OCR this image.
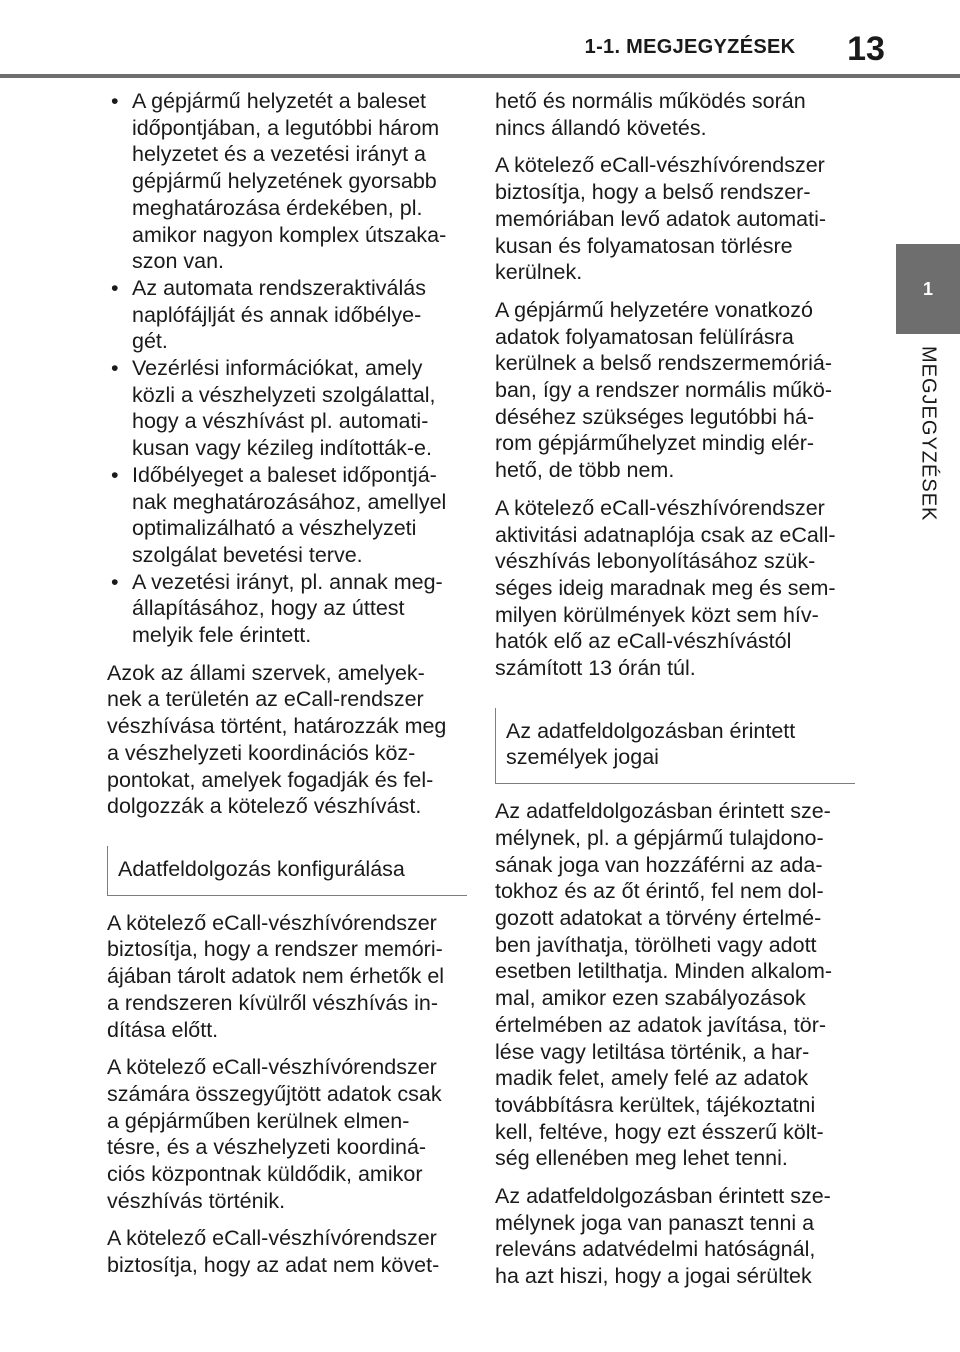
1-1. MEGJEGYZÉSEK	13
1
MEGJEGYZÉSEK
• A gépjármű helyzetét a baleset
időpontjában, a legutóbbi három
helyzetet és a vezetési irányt a
gépjármű helyzetének gyorsabb
meghatározása érdekében, pl.
amikor nagyon komplex útszaka-
szon van.
• Az automata rendszeraktiválás
naplófájlját és annak időbélye-
gét.
• Vezérlési információkat, amely
közli a vészhelyzeti szolgálattal,
hogy a vészhívást pl. automati-
kusan vagy kézileg indították-e.
• Időbélyeget a baleset időpontjá-
nak meghatározásához, amellyel
optimalizálható a vészhelyzeti
szolgálat bevetési terve.
• A vezetési irányt, pl. annak meg-
állapításához, hogy az úttest
melyik fele érintett.
Azok az állami szervek, amelyek-
nek a területén az eCall-rendszer
vészhívása történt, határozzák meg
a vészhelyzeti koordinációs köz-
pontokat, amelyek fogadják és fel-
dolgozzák a kötelező vészhívást.
Adatfeldolgozás konfigurálása
A kötelező eCall-vészhívórendszer
biztosítja, hogy a rendszer memóri-
ájában tárolt adatok nem érhetők el
a rendszeren kívülről vészhívás in-
dítása előtt.
A kötelező eCall-vészhívórendszer
számára összegyűjtött adatok csak
a gépjárműben kerülnek elmen-
tésre, és a vészhelyzeti koordiná-
ciós központnak küldődik, amikor
vészhívás történik.
A kötelező eCall-vészhívórendszer
biztosítja, hogy az adat nem követ-
hető és normális működés során
nincs állandó követés.
A kötelező eCall-vészhívórendszer
biztosítja, hogy a belső rendszer-
memóriában levő adatok automati-
kusan és folyamatosan törlésre
kerülnek.
A gépjármű helyzetére vonatkozó
adatok folyamatosan felülírásra
kerülnek a belső rendszermemóriá-
ban, így a rendszer normális műkö-
déséhez szükséges legutóbbi há-
rom gépjárműhelyzet mindig elér-
hető, de több nem.
A kötelező eCall-vészhívórendszer
aktivitási adatnaplója csak az eCall-
vészhívás lebonyolításához szük-
séges ideig maradnak meg és sem-
milyen körülmények közt sem hív-
hatók elő az eCall-vészhívástól
számított 13 órán túl.
Az adatfeldolgozásban érintett
személyek jogai
Az adatfeldolgozásban érintett sze-
mélynek, pl. a gépjármű tulajdono-
sának joga van hozzáférni az ada-
tokhoz és az őt érintő, fel nem dol-
gozott adatokat a törvény értelmé-
ben javíthatja, törölheti vagy adott
esetben letilthatja. Minden alkalom-
mal, amikor ezen szabályozások
értelmében az adatok javítása, tör-
lése vagy letiltása történik, a har-
madik felet, amely felé az adatok
továbbításra kerültek, tájékoztatni
kell, feltéve, hogy ezt ésszerű költ-
ség ellenében meg lehet tenni.
Az adatfeldolgozásban érintett sze-
mélynek joga van panaszt tenni a
releváns adatvédelmi hatóságnál,
ha azt hiszi, hogy a jogai sérültek
